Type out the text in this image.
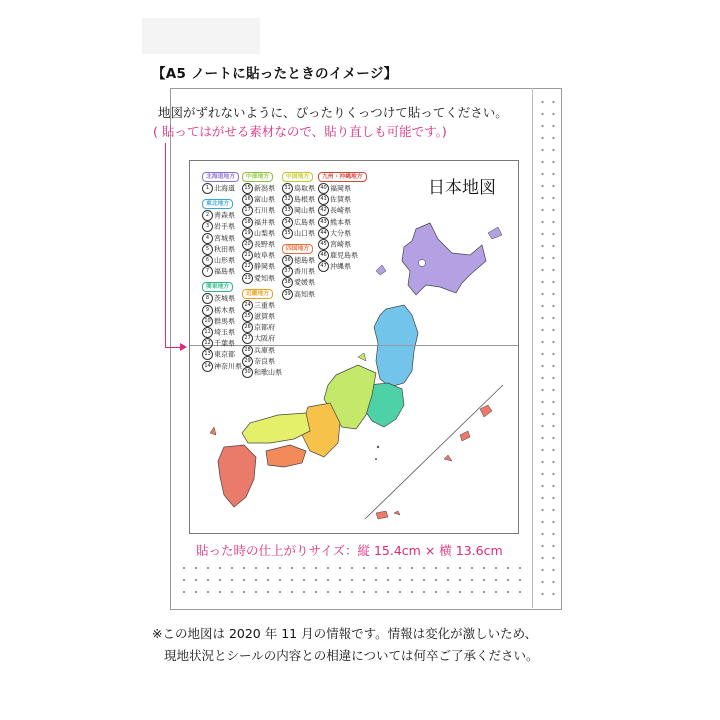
【A5 ノートに貼ったときのイメージ】
地図がずれないように、ぴったりくっつけて貼ってください。
( 貼ってはがせる素材なので、貼り直しも可能です。)
日本地図
北海道地方
1 北海道
東北地方
2 青森県
3 岩手県
4 宮城県
5 秋田県
6 山形県
7 福島県
関東地方
8 茨城県
9 栃木県
10 群馬県
11 埼玉県
12 千葉県
13 東京都
14 神奈川県
中部地方
15 新潟県
16 富山県
17 石川県
18 福井県
19 山梨県
20 長野県
21 岐阜県
22 静岡県
23 愛知県
近畿地方
24 三重県
25 滋賀県
26 京都府
27 大阪府
28 兵庫県
29 奈良県
30 和歌山県
中国地方
31 鳥取県
32 島根県
33 岡山県
34 広島県
35 山口県
四国地方
36 徳島県
37 香川県
38 愛媛県
39 高知県
九州・沖縄地方
40 福岡県
41 佐賀県
42 長崎県
43 熊本県
44 大分県
45 宮崎県
46 鹿児島県
47 沖縄県
貼った時の仕上がりサイズ：縦 15.4cm × 横 13.6cm
※この地図は 2020 年 11 月の情報です。情報は変化が激しいため、
現地状況とシールの内容との相違については何卒ご了承ください。
